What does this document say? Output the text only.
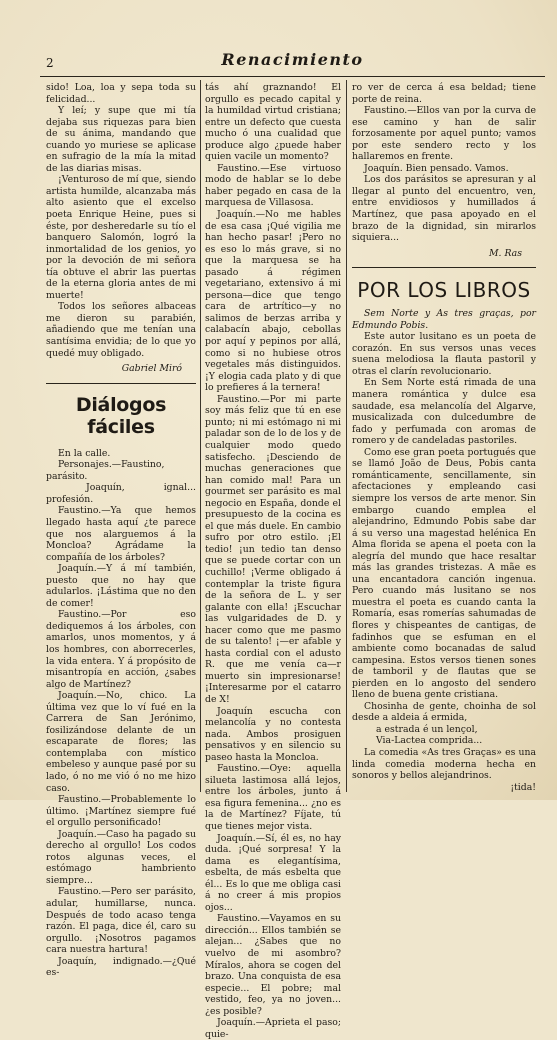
2	Renacimiento

sido! Loa, loa y sepa toda su felicidad...

Y leí; y supe que mi tía dejaba sus riquezas para bien de su ánima, mandando que cuando yo muriese se aplicase en sufragio de la mía la mitad de las diarias misas.

¡Venturoso de mí que, siendo artista humilde, alcanzaba más alto asiento que el excelso poeta Enrique Heine, pues si éste, por desheredarle su tío el banquero Salomón, logró la inmortalidad de los genios, yo por la devoción de mi señora tía obtuve el abrir las puertas de la eterna gloria antes de mi muerte!

Todos los señores albaceas me dieron su parabién, añadiendo que me tenían una santísima envidia; de lo que yo quedé muy obligado.

Gabriel Miró

Diálogos fáciles

En la calle.

Personajes.—Faustino, parásito.

Joaquín, ignal... profesión.

Faustino.—Ya que hemos llegado hasta aquí ¿te parece que nos alarguemos á la Moncloa? Agrádame la compañía de los árboles?

Joaquín.—Y á mí también, puesto que no hay que adularlos. ¡Lástima que no den de comer!

Faustino.—Por eso dediquemos á los árboles, con amarlos, unos momentos, y á los hombres, con aborrecerles, la vida entera. Y á propósito de misantropía en acción, ¿sabes algo de Martínez?

Joaquín.—No, chico. La última vez que lo ví fué en la Carrera de San Jerónimo, fosilizándose delante de un escaparate de flores; las contemplaba con místico embeleso y aunque pasé por su lado, ó no me vió ó no me hizo caso.

Faustino.—Probablemente lo último. ¡Martínez siempre fué el orgullo personificado!

Joaquín.—Caso ha pagado su derecho al orgullo! Los codos rotos algunas veces, el estómago hambriento siempre...

Faustino.—Pero ser parásito, adular, humillarse, nunca. Después de todo acaso tenga razón. El paga, dice él, caro su orgullo. ¡Nosotros pagamos cara nuestra hartura!

Joaquín, indignado.—¿Qué es-

tás ahí graznando! El orgullo es pecado capital y la humildad virtud cristiana; entre un defecto que cuesta mucho ó una cualidad que produce algo ¿puede haber quien vacile un momento?

Faustino.—Ese virtuoso modo de hablar se lo debe haber pegado en casa de la marquesa de Villasosa.

Joaquín.—No me hables de esa casa ¡Qué vigilia me han hecho pasar! ¡Pero no es eso lo más grave, si no que la marquesa se ha pasado á régimen vegetariano, extensivo á mi persona—dice que tengo cara de artrítico—y no salimos de berzas arriba y calabacín abajo, cebollas por aquí y pepinos por allá, como si no hubiese otros vegetales más distinguidos. ¡Y elogia cada plato y di que lo prefieres á la ternera!

Faustino.—Por mi parte soy más feliz que tú en ese punto; ni mi estómago ni mi paladar son de lo de los y de cualquier modo quedo satisfecho. ¡Desciendo de muchas generaciones que han comido mal! Para un gourmet ser parásito es mal negocio en España, donde el presupuesto de la cocina es el que más duele. En cambio sufro por otro estilo. ¡El tedio! ¡un tedio tan denso que se puede cortar con un cuchillo! ¡Verme obligado á contemplar la triste figura de la señora de L. y ser galante con ella! ¡Escuchar las vulgaridades de D. y hacer como que me pasmo de su talento! ¡—er afable y hasta cordial con el adusto R. que me venía ca—r muerto sin impresionarse! ¡Interesarme por el catarro de X!

Joaquín escucha con melancolía y no contesta nada. Ambos prosiguen pensativos y en silencio su paseo hasta la Moncloa.

Faustino.—Oye: aquella silueta lastimosa allá lejos, entre los árboles, junto á esa figura femenina... ¿no es la de Martínez? Fíjate, tú que tienes mejor vista.

Joaquín.—Sí, él es, no hay duda. ¡Qué sorpresa! Y la dama es elegantísima, esbelta, de más esbelta que él... Es lo que me obliga casi á no creer á mis propios ojos...

Faustino.—Vayamos en su dirección... Ellos también se alejan... ¿Sabes que no vuelvo de mi asombro? Míralos, ahora se cogen del brazo. Una conquista de esa especie... El pobre; mal vestido, feo, ya no joven... ¿es posible?

Joaquín.—Aprieta el paso; quie-

ro ver de cerca á esa beldad; tiene porte de reina.

Faustino.—Ellos van por la curva de ese camino y han de salir forzosamente por aquel punto; vamos por este sendero recto y los hallaremos en frente.

Joaquín. Bien pensado. Vamos.

Los dos parásitos se apresuran y al llegar al punto del encuentro, ven, entre envidiosos y humillados á Martínez, que pasa apoyado en el brazo de la dignidad, sin mirarlos siquiera...

M. Ras

POR LOS LIBROS

Sem Norte y As tres graças, por Edmundo Pobis.

Este autor lusitano es un poeta de corazón. En sus versos unas veces suena melodiosa la flauta pastoril y otras el clarín revolucionario.

En Sem Norte está rimada de una manera romántica y dulce esa saudade, esa melancolía del Algarve, musicalizada con dulcedumbre de fado y perfumada con aromas de romero y de candeladas pastoriles.

Como ese gran poeta portugués que se llamó João de Deus, Pobis canta románticamente, sencillamente, sin afectaciones y empleando casi siempre los versos de arte menor. Sin embargo cuando emplea el alejandrino, Edmundo Pobis sabe dar á su verso una magestad helénica En Alma florida se apena el poeta con la alegría del mundo que hace resaltar más las grandes tristezas. A mãe es una encantadora canción ingenua. Pero cuando más lusitano se nos muestra el poeta es cuando canta la Romaría, esas romerías sahumadas de flores y chispeantes de cantigas, de fadinhos que se esfuman en el ambiente como bocanadas de salud campesina. Estos versos tienen sones de tamboril y de flautas que se pierden en lo angosto del sendero lleno de buena gente cristiana.

Chosinha de gente, choinha de sol desde a aldeia á ermida,

a estrada é un lençol,

Via-Lactea comprida...

La comedia «As tres Graças» es una linda comedia moderna hecha en sonoros y bellos alejandrinos.

¡tida!
